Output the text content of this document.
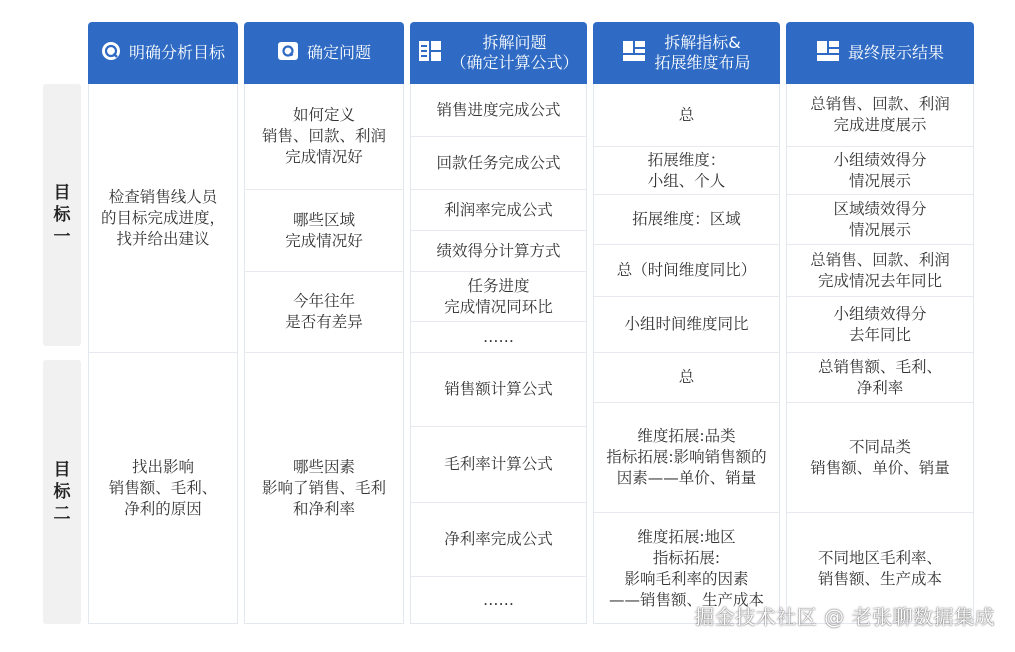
目
标
一
目
标
二
明确分析目标	确定问题
拆解问题
（确定计算公式）
拆解指标&
拓展维度布局
最终展示结果
检查销售线人员
的目标完成进度，
找并给出建议
找出影响
销售额、毛利、
净利的原因
如何定义
销售、回款、利润
完成情况好
哪些区域
完成情况好
今年往年
是否有差异
哪些因素
影响了销售、毛利
和净利率
销售进度完成公式
回款任务完成公式
利润率完成公式
绩效得分计算方式
任务进度
完成情况同环比
……
销售额计算公式
毛利率计算公式
净利率完成公式
……
总
拓展维度：
小组、个人
拓展维度：区域
总（时间维度同比）
小组时间维度同比
总
维度拓展:品类
指标拓展:影响销售额的
因素——单价、销量
维度拓展:地区
指标拓展:
影响毛利率的因素
——销售额、生产成本
总销售、回款、利润
完成进度展示
小组绩效得分
情况展示
区域绩效得分
情况展示
总销售、回款、利润
完成情况去年同比
小组绩效得分
去年同比
总销售额、毛利、
净利率
不同品类
销售额、单价、销量
不同地区毛利率、
销售额、生产成本
掘金技术社区 @ 老张聊数据集成
